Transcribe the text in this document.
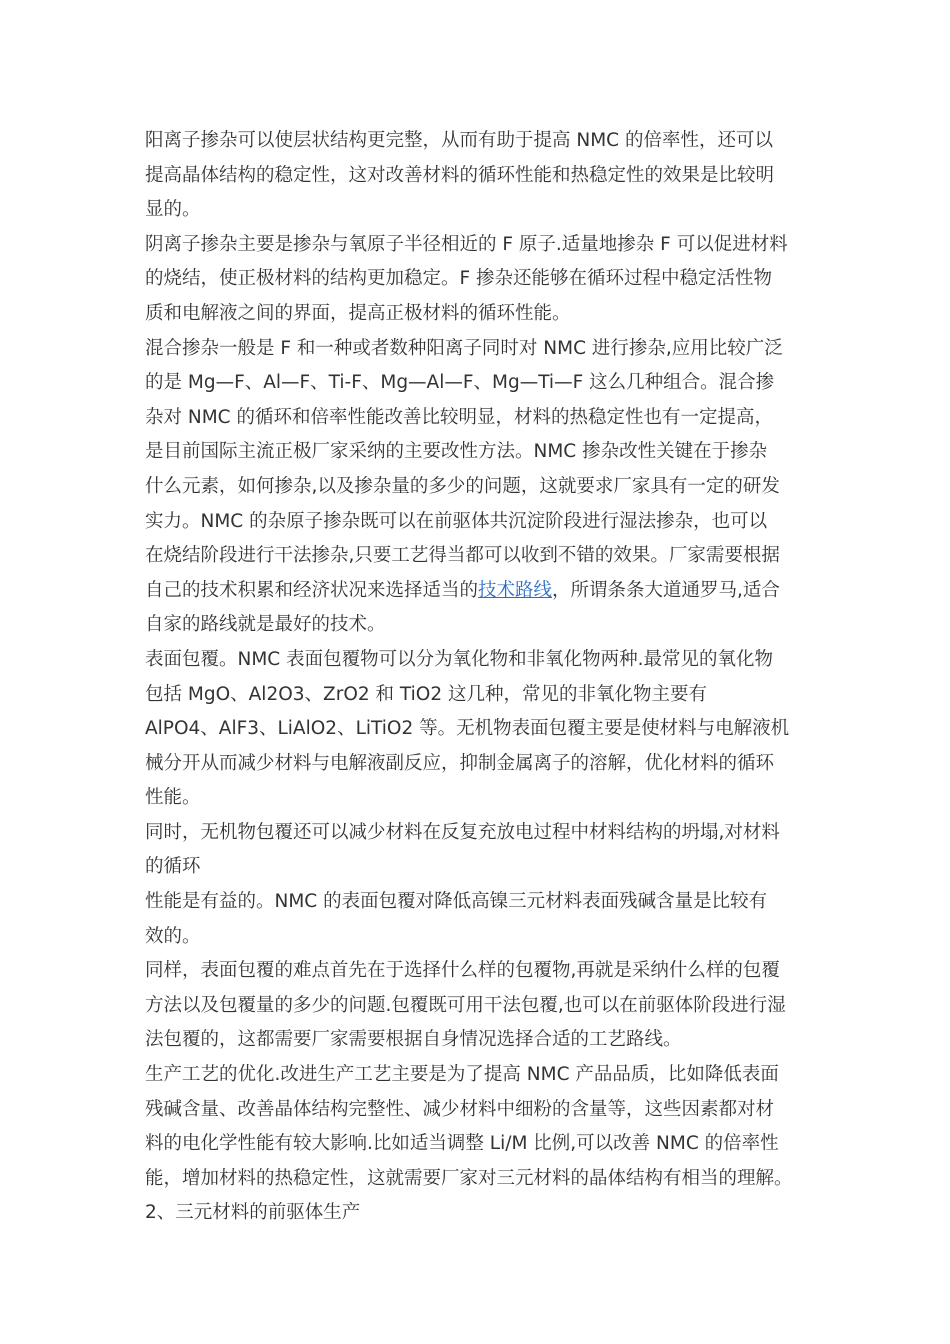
阳离子掺杂可以使层状结构更完整，从而有助于提高 NMC 的倍率性，还可以
提高晶体结构的稳定性，这对改善材料的循环性能和热稳定性的效果是比较明
显的。
阴离子掺杂主要是掺杂与氧原子半径相近的 F 原子.适量地掺杂 F 可以促进材料
的烧结，使正极材料的结构更加稳定。F 掺杂还能够在循环过程中稳定活性物
质和电解液之间的界面，提高正极材料的循环性能。
混合掺杂一般是 F 和一种或者数种阳离子同时对 NMC 进行掺杂,应用比较广泛
的是 Mg—F、Al—F、Ti-F、Mg—Al—F、Mg—Ti—F 这么几种组合。混合掺
杂对 NMC 的循环和倍率性能改善比较明显，材料的热稳定性也有一定提高，
是目前国际主流正极厂家采纳的主要改性方法。NMC 掺杂改性关键在于掺杂
什么元素，如何掺杂,以及掺杂量的多少的问题，这就要求厂家具有一定的研发
实力。NMC 的杂原子掺杂既可以在前驱体共沉淀阶段进行湿法掺杂，也可以
在烧结阶段进行干法掺杂,只要工艺得当都可以收到不错的效果。厂家需要根据
自己的技术积累和经济状况来选择适当的技术路线，所谓条条大道通罗马,适合
自家的路线就是最好的技术。
表面包覆。NMC 表面包覆物可以分为氧化物和非氧化物两种.最常见的氧化物
包括 MgO、Al2O3、ZrO2 和 TiO2 这几种，常见的非氧化物主要有
AlPO4、AlF3、LiAlO2、LiTiO2 等。无机物表面包覆主要是使材料与电解液机
械分开从而减少材料与电解液副反应，抑制金属离子的溶解，优化材料的循环
性能。
同时，无机物包覆还可以减少材料在反复充放电过程中材料结构的坍塌,对材料
的循环
性能是有益的。NMC 的表面包覆对降低高镍三元材料表面残碱含量是比较有
效的。
同样，表面包覆的难点首先在于选择什么样的包覆物,再就是采纳什么样的包覆
方法以及包覆量的多少的问题.包覆既可用干法包覆,也可以在前驱体阶段进行湿
法包覆的，这都需要厂家需要根据自身情况选择合适的工艺路线。
生产工艺的优化.改进生产工艺主要是为了提高 NMC 产品品质，比如降低表面
残碱含量、改善晶体结构完整性、减少材料中细粉的含量等，这些因素都对材
料的电化学性能有较大影响.比如适当调整 Li/M 比例,可以改善 NMC 的倍率性
能，增加材料的热稳定性，这就需要厂家对三元材料的晶体结构有相当的理解。
2、三元材料的前驱体生产
